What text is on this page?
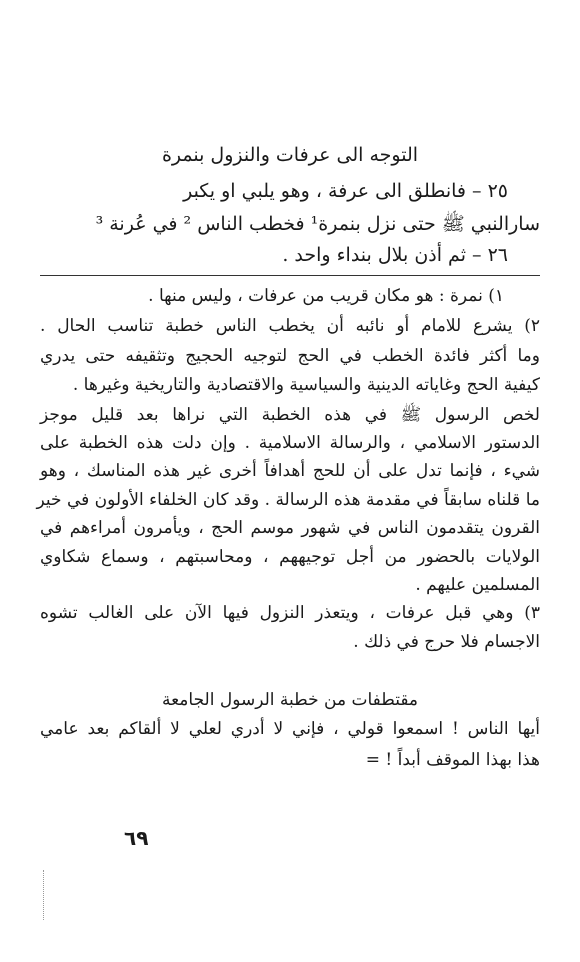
التوجه الى عرفات والنزول بنمرة
٢٥ – فانطلق الى عرفة ، وهو يلبي او يكبر
سارالنبي ﷺ حتى نزل بنمرة¹ فخطب الناس ² في عُرنة ³
٢٦ – ثم أذن بلال بنداء واحد .
١) نمرة : هو مكان قريب من عرفات ، وليس منها .
٢) يشرع للامام أو نائبه أن يخطب الناس خطبة تناسب الحال .
وما أكثر فائدة الخطب في الحج لتوجيه الحجيج وتثقيفه حتى يدري
كيفية الحج وغاياته الدينية والسياسية والاقتصادية والتاريخية وغيرها .
لخص الرسول ﷺ في هذه الخطبة التي نراها بعد قليل موجز
الدستور الاسلامي ، والرسالة الاسلامية . وإن دلت هذه الخطبة على
شيء ، فإنما تدل على أن للحج أهدافاً أخرى غير هذه المناسك ، وهو
ما قلناه سابقاً في مقدمة هذه الرسالة . وقد كان الخلفاء الأولون في خير
القرون يتقدمون الناس في شهور موسم الحج ، ويأمرون أمراءهم في
الولايات بالحضور من أجل توجيههم ، ومحاسبتهم ، وسماع شكاوي
المسلمين عليهم .
٣) وهي قبل عرفات ، ويتعذر النزول فيها الآن على الغالب تشوه
الاجسام فلا حرج في ذلك .
مقتطفات من خطبة الرسول الجامعة
أيها الناس ! اسمعوا قولي ، فإني لا أدري لعلي لا ألقاكم بعد عامي
هذا بهذا الموقف أبداً ! =
٦٩
